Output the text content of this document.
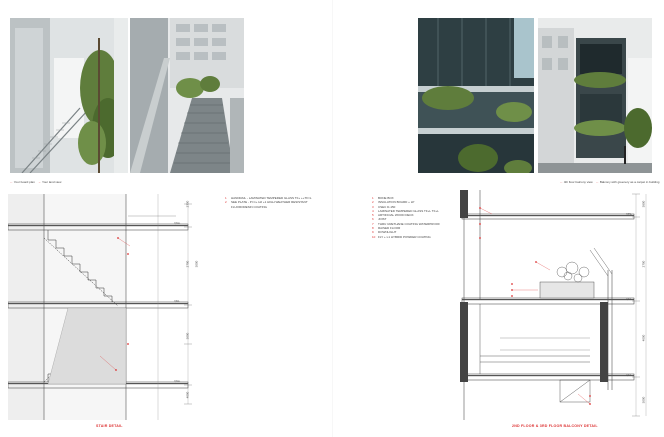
← Your board plan ← Your land view	← 4th floor balcony view ← Balcony with greenery as a carpet in building
▽GL
▽FL
▽GL
2700
2700 3000
3000
4000
1 HANDRAIL - LAMINATED TEMPERED GLASS TF+ ++TF=L
2 SEE PLATE - PI C+ H2 +1 HIGH WEATHER RESISTANT
FLUORORESIN COATING
STAIR DETAIL
▽FL
▽FL
▽FL
3800
2700
4000
3000
1 BONE BOX
2 INSULATION BOARD + LP
3 CSEC D-150
4 LAMINATED TEMPERED GLASS TF+L TF+L
5 ARTIFICIAL WOOD DECK
6 JOIST
7 THRU URETHANE COATING WATERPROOF
8 RAISED FLOOR
9 DOWNLIGHT
10 FLY + L1 HYBRID POWDER COATING
2ND FLOOR & 3RD FLOOR BALCONY DETAIL
